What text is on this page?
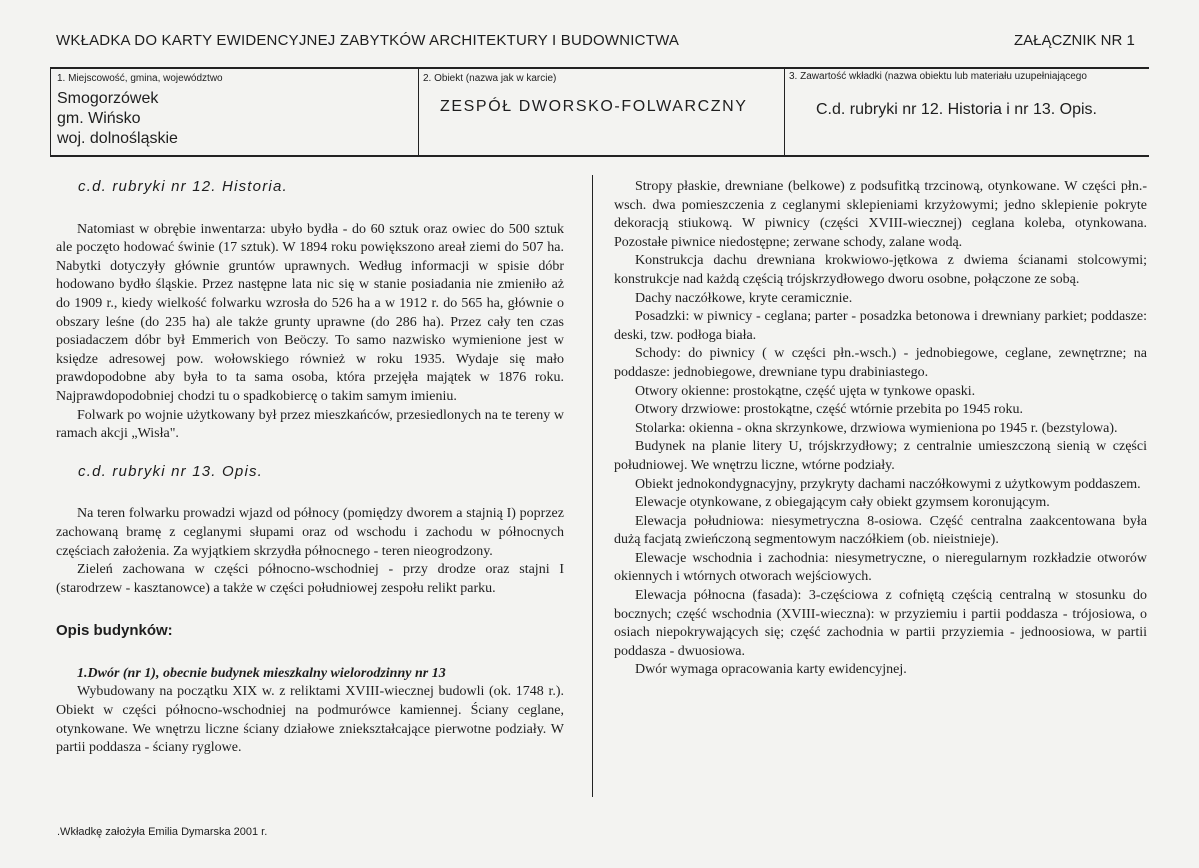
WKŁADKA DO KARTY EWIDENCYJNEJ ZABYTKÓW ARCHITEKTURY I BUDOWNICTWA	ZAŁĄCZNIK NR 1
1. Miejscowość, gmina, województwo
Smogorzówek
gm. Wińsko
woj. dolnośląskie
2. Obiekt (nazwa jak w karcie)
ZESPÓŁ DWORSKO-FOLWARCZNY
3. Zawartość wkładki (nazwa obiektu lub materiału uzupełniającego
C.d. rubryki nr 12. Historia i nr 13. Opis.

c.d. rubryki nr 12. Historia.

Natomiast w obrębie inwentarza: ubyło bydła - do 60 sztuk oraz owiec do 500 sztuk ale poczęto hodować świnie (17 sztuk). W 1894 roku powiększono areał ziemi do 507 ha. Nabytki dotyczyły głównie gruntów uprawnych. Według informacji w spisie dóbr hodowano bydło śląskie. Przez następne lata nic się w stanie posiadania nie zmieniło aż do 1909 r., kiedy wielkość folwarku wzrosła do 526 ha a w 1912 r. do 565 ha, głównie o obszary leśne (do 235 ha) ale także grunty uprawne (do 286 ha). Przez cały ten czas posiadaczem dóbr był Emmerich von Beöczy. To samo nazwisko wymienione jest w księdze adresowej pow. wołowskiego również w roku 1935. Wydaje się mało prawdopodobne aby była to ta sama osoba, która przejęła majątek w 1876 roku. Najprawdopodobniej chodzi tu o spadkobiercę o takim samym imieniu.

Folwark po wojnie użytkowany był przez mieszkańców, przesiedlonych na te tereny w ramach akcji „Wisła".

c.d. rubryki nr 13. Opis.

Na teren folwarku prowadzi wjazd od północy (pomiędzy dworem a stajnią I) poprzez zachowaną bramę z ceglanymi słupami oraz od wschodu i zachodu w północnych częściach założenia. Za wyjątkiem skrzydła północnego - teren nieogrodzony.

Zieleń zachowana w części północno-wschodniej - przy drodze oraz stajni I (starodrzew - kasztanowce) a także w części południowej zespołu relikt parku.

Opis budynków:

1.Dwór (nr 1), obecnie budynek mieszkalny wielorodzinny nr 13

Wybudowany na początku XIX w. z reliktami XVIII-wiecznej budowli (ok. 1748 r.). Obiekt w części północno-wschodniej na podmurówce kamiennej. Ściany ceglane, otynkowane. We wnętrzu liczne ściany działowe zniekształcające pierwotne podziały. W partii poddasza - ściany ryglowe.

Stropy płaskie, drewniane (belkowe) z podsufitką trzcinową, otynkowane. W części płn.-wsch. dwa pomieszczenia z ceglanymi sklepieniami krzyżowymi; jedno sklepienie pokryte dekoracją stiukową. W piwnicy (części XVIII-wiecznej) ceglana koleba, otynkowana. Pozostałe piwnice niedostępne; zerwane schody, zalane wodą.

Konstrukcja dachu drewniana krokwiowo-jętkowa z dwiema ścianami stolcowymi; konstrukcje nad każdą częścią trójskrzydłowego dworu osobne, połączone ze sobą.

Dachy naczółkowe, kryte ceramicznie.

Posadzki: w piwnicy - ceglana; parter - posadzka betonowa i drewniany parkiet; poddasze: deski, tzw. podłoga biała.

Schody: do piwnicy ( w części płn.-wsch.) - jednobiegowe, ceglane, zewnętrzne; na poddasze: jednobiegowe, drewniane typu drabiniastego.

Otwory okienne: prostokątne, część ujęta w tynkowe opaski.

Otwory drzwiowe: prostokątne, część wtórnie przebita po 1945 roku.

Stolarka: okienna - okna skrzynkowe, drzwiowa wymieniona po 1945 r. (bezstylowa).

Budynek na planie litery U, trójskrzydłowy; z centralnie umieszczoną sienią w części południowej. We wnętrzu liczne, wtórne podziały.

Obiekt jednokondygnacyjny, przykryty dachami naczółkowymi z użytkowym poddaszem.

Elewacje otynkowane, z obiegającym cały obiekt gzymsem koronującym.

Elewacja południowa: niesymetryczna 8-osiowa. Część centralna zaakcentowana była dużą facjatą zwieńczoną segmentowym naczółkiem (ob. nieistnieje).

Elewacje wschodnia i zachodnia: niesymetryczne, o nieregularnym rozkładzie otworów okiennych i wtórnych otworach wejściowych.

Elewacja północna (fasada): 3-częściowa z cofniętą częścią centralną w stosunku do bocznych; część wschodnia (XVIII-wieczna): w przyziemiu i partii poddasza - trójosiowa, o osiach niepokrywających się; część zachodnia w partii przyziemia - jednoosiowa, w partii poddasza - dwuosiowa.

Dwór wymaga opracowania karty ewidencyjnej.

.Wkładkę założyła Emilia Dymarska 2001 r.
